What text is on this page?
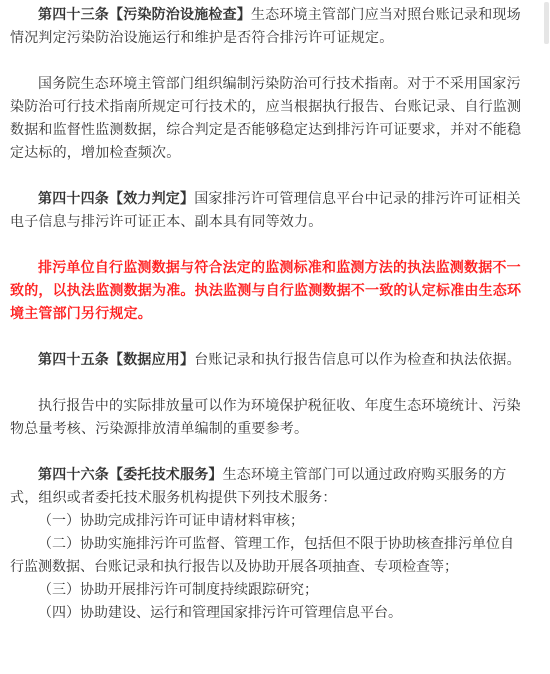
第四十三条【污染防治设施检查】生态环境主管部门应当对照台账记录和现场情况判定污染防治设施运行和维护是否符合排污许可证规定。

国务院生态环境主管部门组织编制污染防治可行技术指南。对于不采用国家污染防治可行技术指南所规定可行技术的，应当根据执行报告、台账记录、自行监测数据和监督性监测数据，综合判定是否能够稳定达到排污许可证要求，并对不能稳定达标的，增加检查频次。

第四十四条【效力判定】国家排污许可管理信息平台中记录的排污许可证相关电子信息与排污许可证正本、副本具有同等效力。

排污单位自行监测数据与符合法定的监测标准和监测方法的执法监测数据不一致的，以执法监测数据为准。执法监测与自行监测数据不一致的认定标准由生态环境主管部门另行规定。

第四十五条【数据应用】台账记录和执行报告信息可以作为检查和执法依据。

执行报告中的实际排放量可以作为环境保护税征收、年度生态环境统计、污染物总量考核、污染源排放清单编制的重要参考。

第四十六条【委托技术服务】生态环境主管部门可以通过政府购买服务的方式，组织或者委托技术服务机构提供下列技术服务：

（一）协助完成排污许可证申请材料审核；

（二）协助实施排污许可监督、管理工作，包括但不限于协助核查排污单位自行监测数据、台账记录和执行报告以及协助开展各项抽查、专项检查等；

（三）协助开展排污许可制度持续跟踪研究；

（四）协助建设、运行和管理国家排污许可管理信息平台。
